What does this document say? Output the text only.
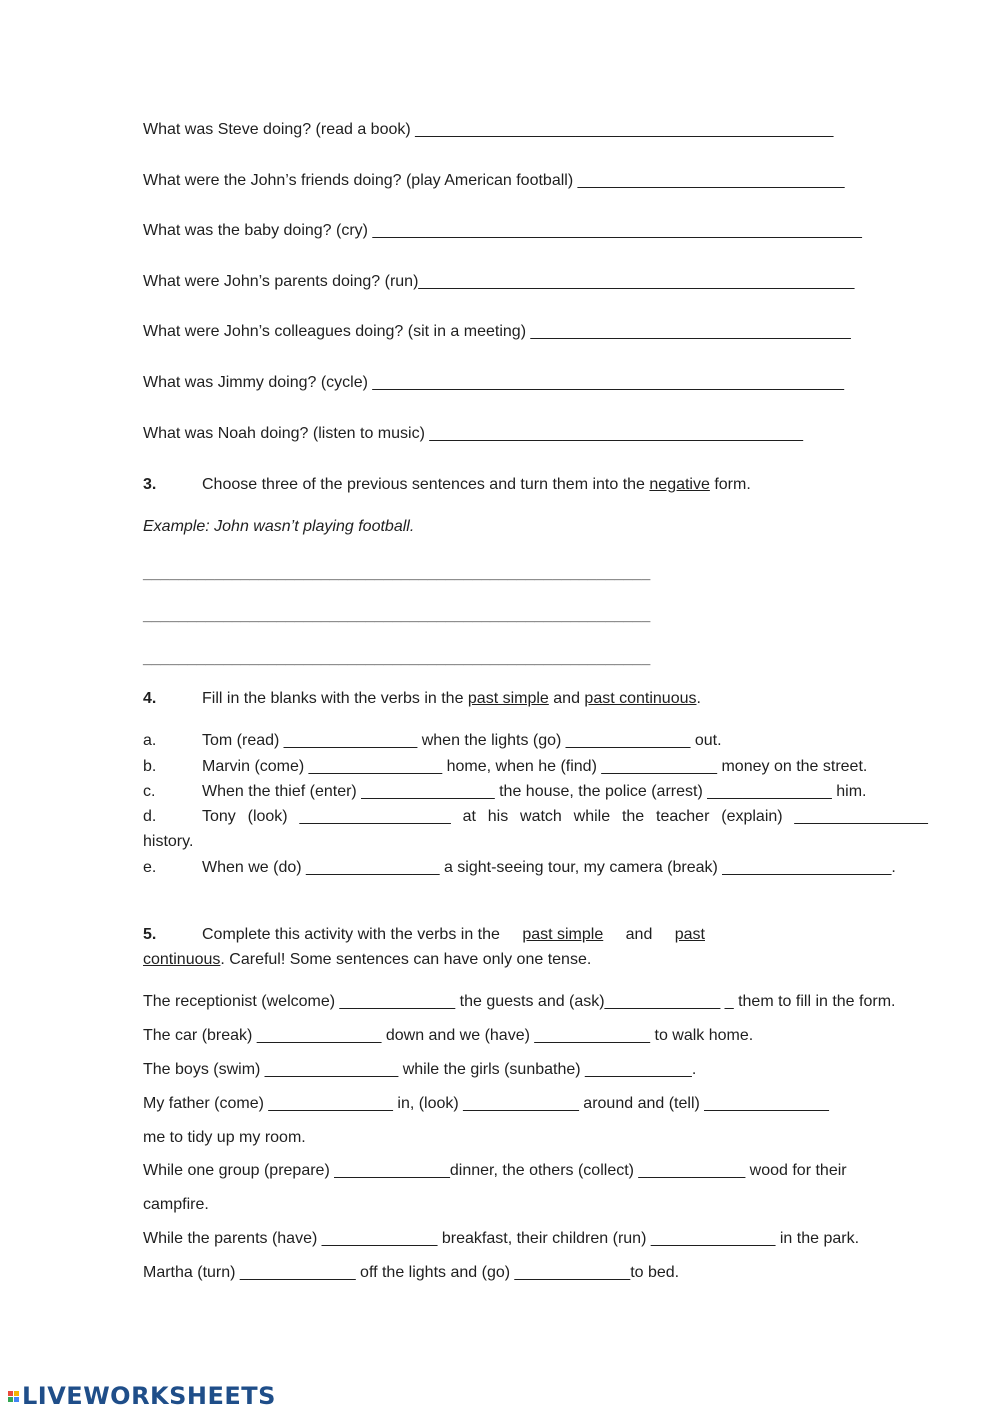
What was Steve doing? (read a book) _______________________________________________
What were the John’s friends doing? (play American football) ______________________________
What was the baby doing? (cry) _______________________________________________________
What were John’s parents doing? (run)_________________________________________________
What were John’s colleagues doing? (sit in a meeting) ____________________________________
What was Jimmy doing? (cycle) _____________________________________________________
What was Noah doing? (listen to music) __________________________________________
3.	Choose three of the previous sentences and turn them into the negative form.
Example: John wasn’t playing football.
_________________________________________________________
_________________________________________________________
_________________________________________________________
4.	Fill in the blanks with the verbs in the past simple and past continuous.
a.	Tom (read) _______________ when the lights (go) ______________ out.
b.	Marvin (come) _______________ home, when he (find) _____________ money on the street.
c.	When the thief (enter) _______________ the house, the police (arrest) ______________ him.
d.	Tony (look) _________________ at his watch while the teacher (explain) _______________
history.
e.	When we (do) _______________ a sight-seeing tour, my camera (break) ___________________.
5.	Complete this activity with the verbs in the past simple and past
continuous. Careful! Some sentences can have only one tense.
The receptionist (welcome) _____________ the guests and (ask)_____________ _ them to fill in the form.
The car (break) ______________ down and we (have) _____________ to walk home.
The boys (swim) _______________ while the girls (sunbathe) ____________.
My father (come) ______________ in, (look) _____________ around and (tell) ______________
me to tidy up my room.
While one group (prepare) _____________dinner, the others (collect) ____________ wood for their
campfire.
While the parents (have) _____________ breakfast, their children (run) ______________ in the park.
Martha (turn) _____________ off the lights and (go) _____________to bed.
LIVEWORKSHEETS
